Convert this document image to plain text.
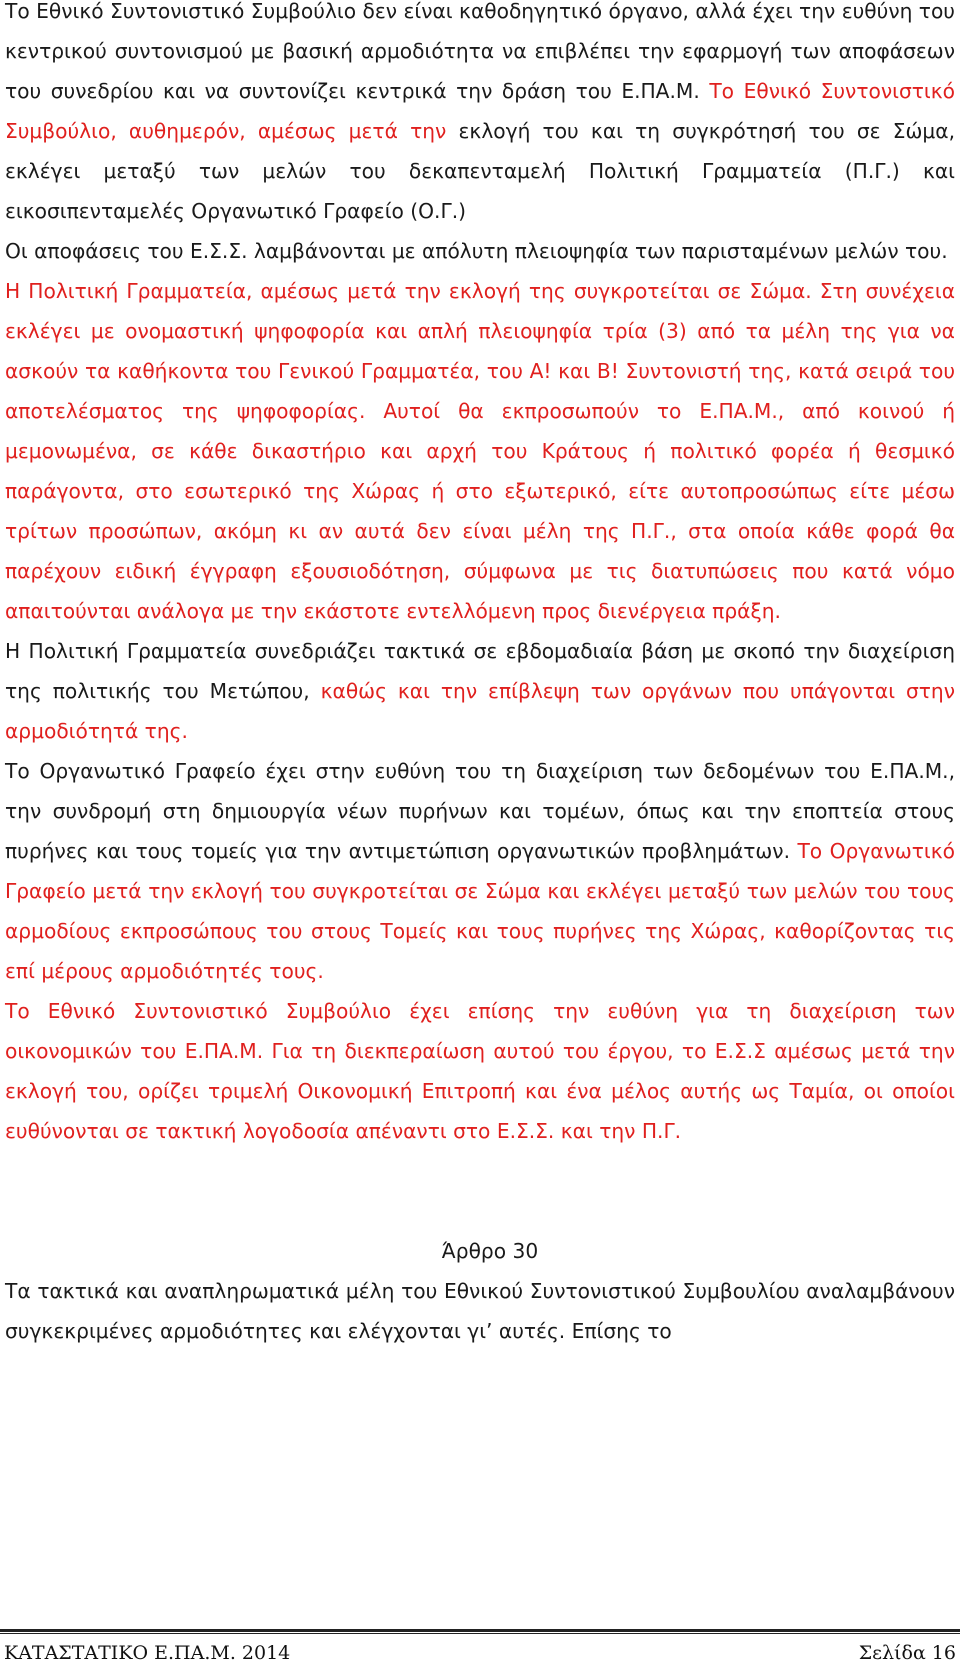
Το Εθνικό Συντονιστικό Συμβούλιο δεν είναι καθοδηγητικό όργανο, αλλά έχει την ευθύνη του κεντρικού συντονισμού με βασική αρμοδιότητα να επιβλέπει την εφαρμογή των αποφάσεων του συνεδρίου και να συντονίζει κεντρικά την δράση του Ε.ΠΑ.Μ. Το Εθνικό Συντονιστικό Συμβούλιο, αυθημερόν, αμέσως μετά την εκλογή του και τη συγκρότησή του σε Σώμα, εκλέγει μεταξύ των μελών του δεκαπενταμελή Πολιτική Γραμματεία (Π.Γ.) και εικοσιπενταμελές Οργανωτικό Γραφείο (Ο.Γ.)

Οι αποφάσεις του Ε.Σ.Σ. λαμβάνονται με απόλυτη πλειοψηφία των παρισταμένων μελών του.

Η Πολιτική Γραμματεία, αμέσως μετά την εκλογή της συγκροτείται σε Σώμα. Στη συνέχεια εκλέγει με ονομαστική ψηφοφορία και απλή πλειοψηφία τρία (3) από τα μέλη της για να ασκούν τα καθήκοντα του Γενικού Γραμματέα, του Α! και Β! Συντονιστή της, κατά σειρά του αποτελέσματος της ψηφοφορίας. Αυτοί θα εκπροσωπούν το Ε.ΠΑ.Μ., από κοινού ή μεμονωμένα, σε κάθε δικαστήριο και αρχή του Κράτους ή πολιτικό φορέα ή θεσμικό παράγοντα, στο εσωτερικό της Χώρας ή στο εξωτερικό, είτε αυτοπροσώπως είτε μέσω τρίτων προσώπων, ακόμη κι αν αυτά δεν είναι μέλη της Π.Γ., στα οποία κάθε φορά θα παρέχουν ειδική έγγραφη εξουσιοδότηση, σύμφωνα με τις διατυπώσεις που κατά νόμο απαιτούνται ανάλογα με την εκάστοτε εντελλόμενη προς διενέργεια πράξη.

Η Πολιτική Γραμματεία συνεδριάζει τακτικά σε εβδομαδιαία βάση με σκοπό την διαχείριση της πολιτικής του Μετώπου, καθώς και την επίβλεψη των οργάνων που υπάγονται στην αρμοδιότητά της.

Το Οργανωτικό Γραφείο έχει στην ευθύνη του τη διαχείριση των δεδομένων του Ε.ΠΑ.Μ., την συνδρομή στη δημιουργία νέων πυρήνων και τομέων, όπως και την εποπτεία στους πυρήνες και τους τομείς για την αντιμετώπιση οργανωτικών προβλημάτων. Το Οργανωτικό Γραφείο μετά την εκλογή του συγκροτείται σε Σώμα και εκλέγει μεταξύ των μελών του τους αρμοδίους εκπροσώπους του στους Τομείς και τους πυρήνες της Χώρας, καθορίζοντας τις επί μέρους αρμοδιότητές τους.

Το Εθνικό Συντονιστικό Συμβούλιο έχει επίσης την ευθύνη για τη διαχείριση των οικονομικών του Ε.ΠΑ.Μ. Για τη διεκπεραίωση αυτού του έργου, το Ε.Σ.Σ αμέσως μετά την εκλογή του, ορίζει τριμελή Οικονομική Επιτροπή και ένα μέλος αυτής ως Ταμία, οι οποίοι ευθύνονται σε τακτική λογοδοσία απέναντι στο Ε.Σ.Σ. και την Π.Γ.

Άρθρο 30

Τα τακτικά και αναπληρωματικά μέλη του Εθνικού Συντονιστικού Συμβουλίου αναλαμβάνουν συγκεκριμένες αρμοδιότητες και ελέγχονται γι’ αυτές. Επίσης το

ΚΑΤΑΣΤΑΤΙΚΟ Ε.ΠΑ.Μ. 2014	Σελίδα 16
